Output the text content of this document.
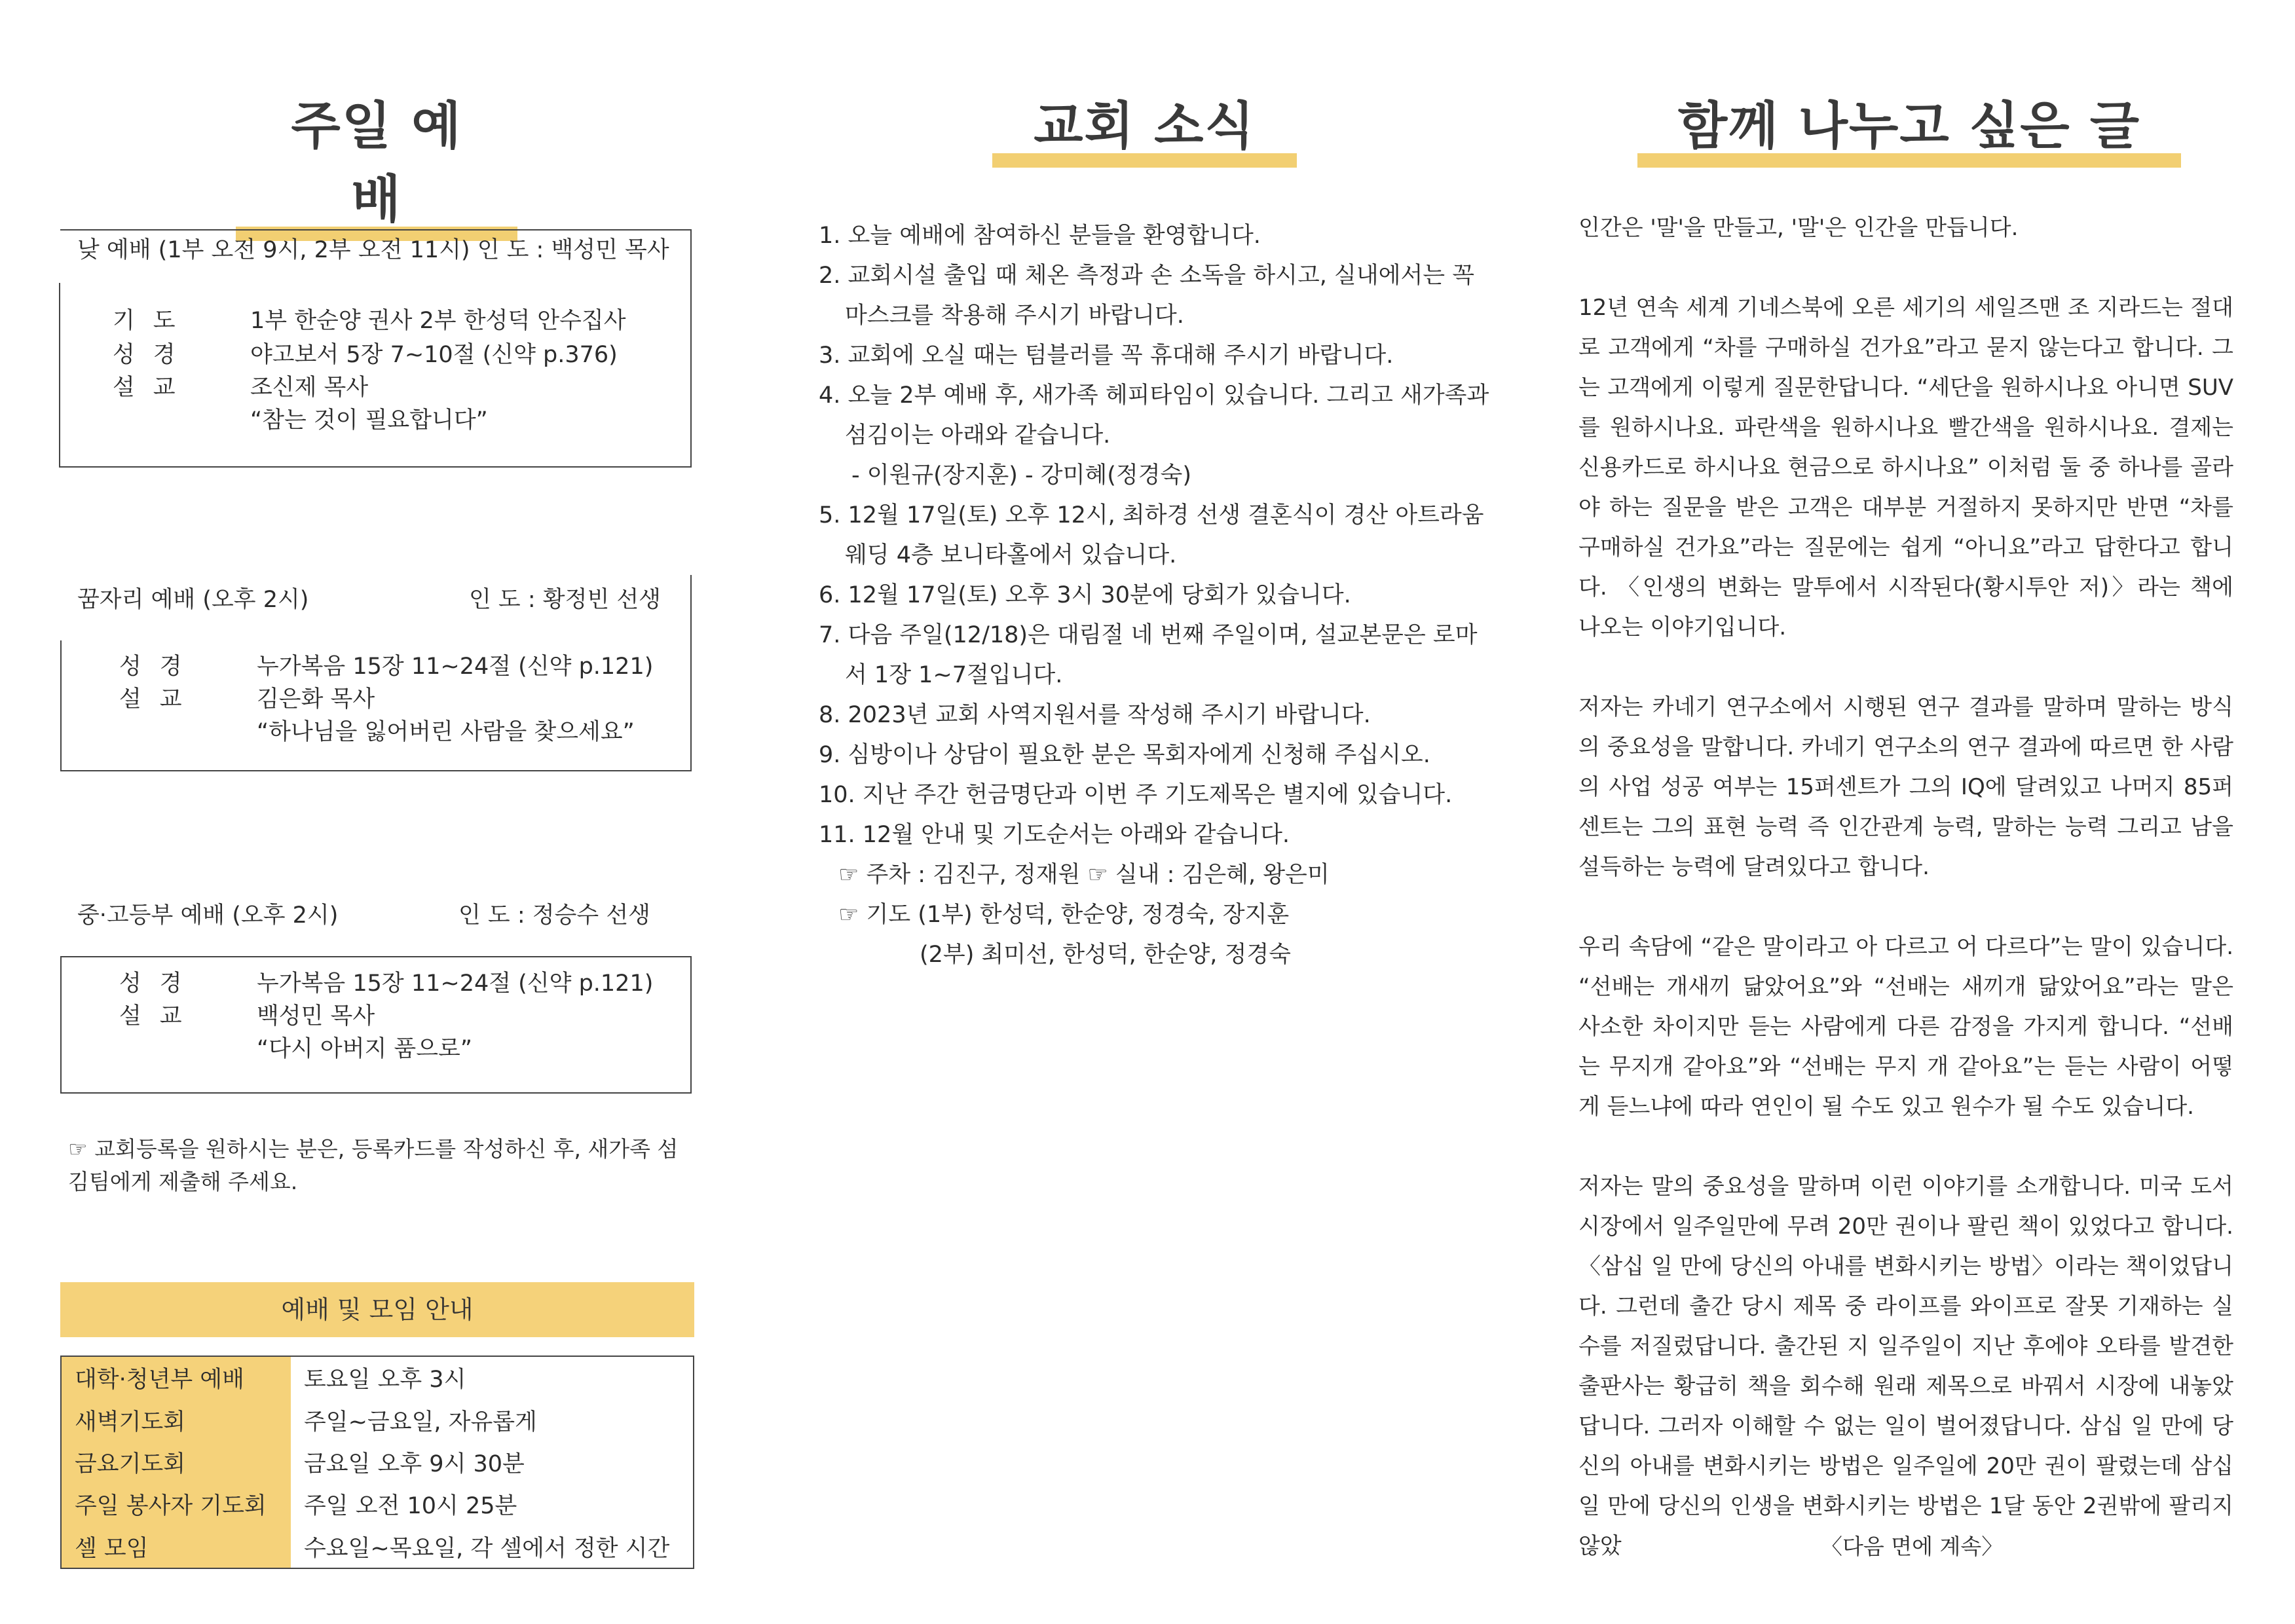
주일 예배
낮 예배 (1부 오전 9시, 2부 오전 11시) 인 도 : 백성민 목사
기도 1부 한순양 권사 2부 한성덕 안수집사
성경 야고보서 5장 7~10절 (신약 p.376)
설교 조신제 목사
“참는 것이 필요합니다”
꿈자리 예배 (오후 2시)	인 도 : 황정빈 선생
성경 누가복음 15장 11~24절 (신약 p.121)
설교 김은화 목사
“하나님을 잃어버린 사람을 찾으세요”
중·고등부 예배 (오후 2시)	인 도 : 정승수 선생
성경 누가복음 15장 11~24절 (신약 p.121)
설교 백성민 목사
“다시 아버지 품으로”
☞ 교회등록을 원하시는 분은, 등록카드를 작성하신 후, 새가족 섬김팀에게 제출해 주세요.
예배 및 모임 안내
대학·청년부 예배	토요일 오후 3시
새벽기도회	주일~금요일, 자유롭게
금요기도회	금요일 오후 9시 30분
주일 봉사자 기도회	주일 오전 10시 25분
셀 모임	수요일~목요일, 각 셀에서 정한 시간
교회 소식
1. 오늘 예배에 참여하신 분들을 환영합니다.
2. 교회시설 출입 때 체온 측정과 손 소독을 하시고, 실내에서는 꼭
마스크를 착용해 주시기 바랍니다.
3. 교회에 오실 때는 텀블러를 꼭 휴대해 주시기 바랍니다.
4. 오늘 2부 예배 후, 새가족 헤피타임이 있습니다. 그리고 새가족과
섬김이는 아래와 같습니다.
- 이원규(장지훈) - 강미혜(정경숙)
5. 12월 17일(토) 오후 12시, 최하경 선생 결혼식이 경산 아트라움
웨딩 4층 보니타홀에서 있습니다.
6. 12월 17일(토) 오후 3시 30분에 당회가 있습니다.
7. 다음 주일(12/18)은 대림절 네 번째 주일이며, 설교본문은 로마
서 1장 1~7절입니다.
8. 2023년 교회 사역지원서를 작성해 주시기 바랍니다.
9. 심방이나 상담이 필요한 분은 목회자에게 신청해 주십시오.
10. 지난 주간 헌금명단과 이번 주 기도제목은 별지에 있습니다.
11. 12월 안내 및 기도순서는 아래와 같습니다.
☞ 주차 : 김진구, 정재원 ☞ 실내 : 김은혜, 왕은미
☞ 기도 (1부) 한성덕, 한순양, 정경숙, 장지훈
(2부) 최미선, 한성덕, 한순양, 정경숙
함께 나누고 싶은 글

인간은 '말'을 만들고, '말'은 인간을 만듭니다.

12년 연속 세계 기네스북에 오른 세기의 세일즈맨 조 지라드는 절대로 고객에게 “차를 구매하실 건가요”라고 묻지 않는다고 합니다. 그는 고객에게 이렇게 질문한답니다. “세단을 원하시나요 아니면 SUV를 원하시나요. 파란색을 원하시나요 빨간색을 원하시나요. 결제는 신용카드로 하시나요 현금으로 하시나요” 이처럼 둘 중 하나를 골라야 하는 질문을 받은 고객은 대부분 거절하지 못하지만 반면 “차를 구매하실 건가요”라는 질문에는 쉽게 “아니요”라고 답한다고 합니다. 〈인생의 변화는 말투에서 시작된다(황시투안 저)〉라는 책에 나오는 이야기입니다.

저자는 카네기 연구소에서 시행된 연구 결과를 말하며 말하는 방식의 중요성을 말합니다. 카네기 연구소의 연구 결과에 따르면 한 사람의 사업 성공 여부는 15퍼센트가 그의 IQ에 달려있고 나머지 85퍼센트는 그의 표현 능력 즉 인간관계 능력, 말하는 능력 그리고 남을 설득하는 능력에 달려있다고 합니다.

우리 속담에 “같은 말이라고 아 다르고 어 다르다”는 말이 있습니다. “선배는 개새끼 닮았어요”와 “선배는 새끼개 닮았어요”라는 말은 사소한 차이지만 듣는 사람에게 다른 감정을 가지게 합니다. “선배는 무지개 같아요”와 “선배는 무지 개 같아요”는 듣는 사람이 어떻게 듣느냐에 따라 연인이 될 수도 있고 원수가 될 수도 있습니다.

저자는 말의 중요성을 말하며 이런 이야기를 소개합니다. 미국 도서 시장에서 일주일만에 무려 20만 권이나 팔린 책이 있었다고 합니다. 〈삼십 일 만에 당신의 아내를 변화시키는 방법〉이라는 책이었답니다. 그런데 출간 당시 제목 중 라이프를 와이프로 잘못 기재하는 실수를 저질렀답니다. 출간된 지 일주일이 지난 후에야 오타를 발견한 출판사는 황급히 책을 회수해 원래 제목으로 바꿔서 시장에 내놓았답니다. 그러자 이해할 수 없는 일이 벌어졌답니다. 삼십 일 만에 당신의 아내를 변화시키는 방법은 일주일에 20만 권이 팔렸는데 삼십 일 만에 당신의 인생을 변화시키는 방법은 1달 동안 2권밖에 팔리지 않았	〈다음 면에 계속〉
